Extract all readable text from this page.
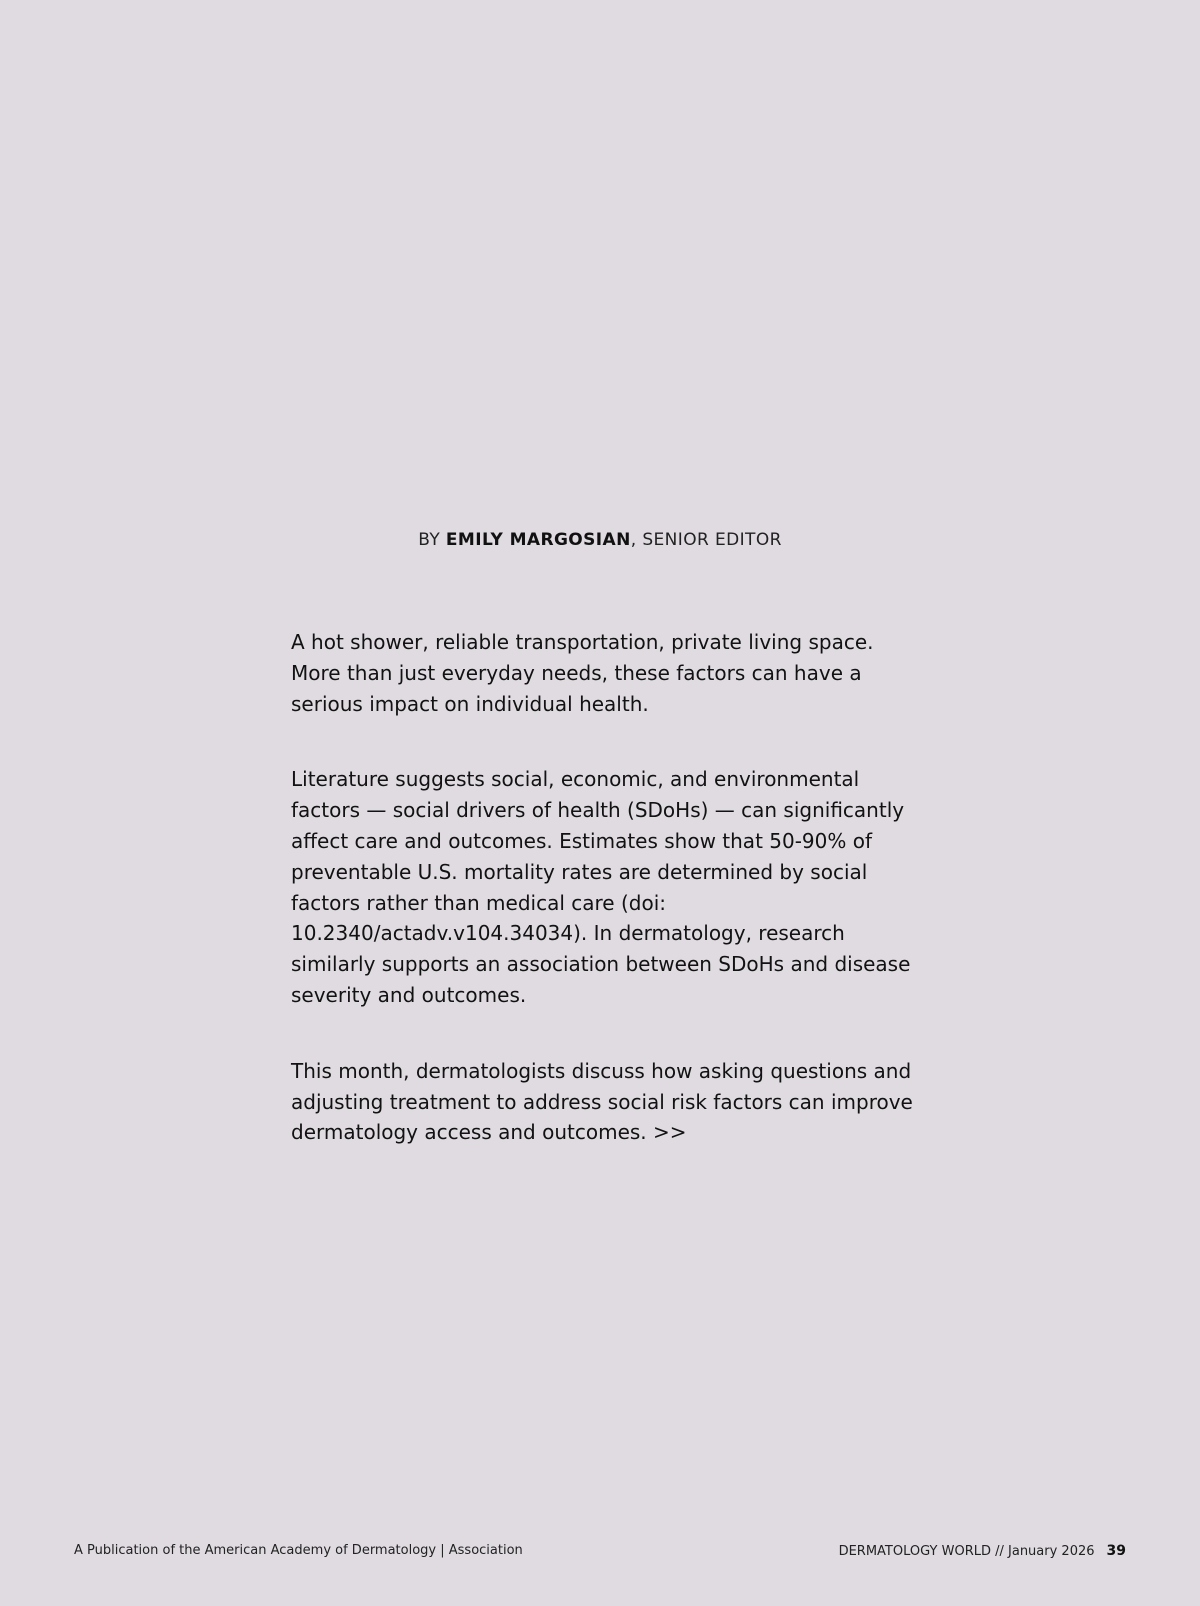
BY EMILY MARGOSIAN, SENIOR EDITOR

A hot shower, reliable transportation, private living space. More than just everyday needs, these factors can have a serious impact on individual health.

Literature suggests social, economic, and environmental factors — social drivers of health (SDoHs) — can significantly affect care and outcomes. Estimates show that 50-90% of preventable U.S. mortality rates are determined by social factors rather than medical care (doi: 10.2340/actadv.v104.34034). In dermatology, research similarly supports an association between SDoHs and disease severity and outcomes.

This month, dermatologists discuss how asking questions and adjusting treatment to address social risk factors can improve dermatology access and outcomes. >>

A Publication of the American Academy of Dermatology | Association	DERMATOLOGY WORLD // January 2026 39
